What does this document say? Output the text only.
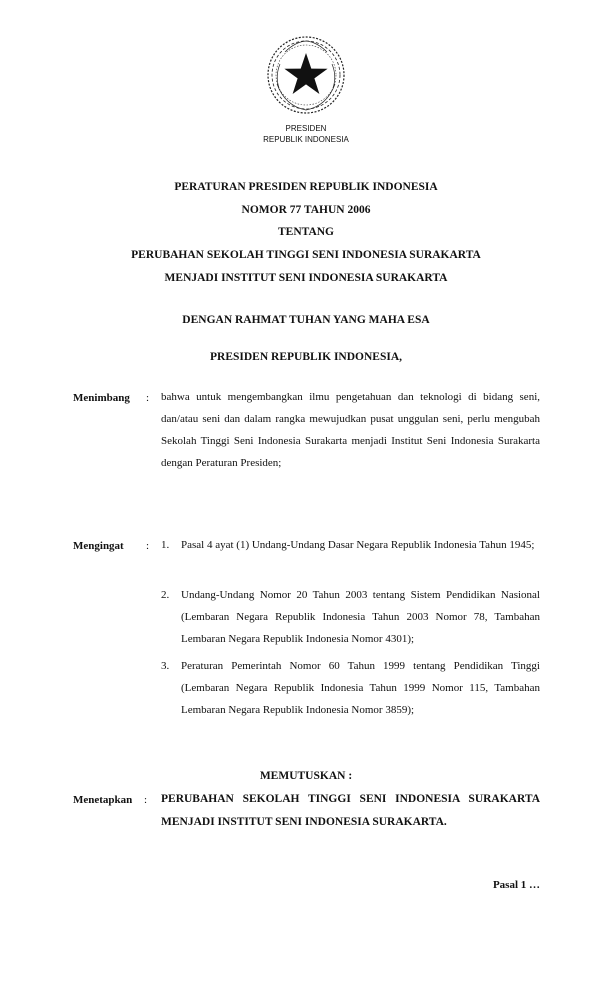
PRESIDEN
REPUBLIK INDONESIA
PERATURAN PRESIDEN REPUBLIK INDONESIA
NOMOR 77 TAHUN 2006
TENTANG
PERUBAHAN SEKOLAH TINGGI SENI INDONESIA SURAKARTA
MENJADI INSTITUT SENI INDONESIA SURAKARTA
DENGAN RAHMAT TUHAN YANG MAHA ESA
PRESIDEN REPUBLIK INDONESIA,
Menimbang : bahwa untuk mengembangkan ilmu pengetahuan dan teknologi di bidang seni, dan/atau seni dan dalam rangka mewujudkan pusat unggulan seni, perlu mengubah Sekolah Tinggi Seni Indonesia Surakarta menjadi Institut Seni Indonesia Surakarta dengan Peraturan Presiden;

Mengingat : 1. Pasal 4 ayat (1) Undang-Undang Dasar Negara Republik Indonesia Tahun 1945;
2. Undang-Undang Nomor 20 Tahun 2003 tentang Sistem Pendidikan Nasional (Lembaran Negara Republik Indonesia Tahun 2003 Nomor 78, Tambahan Lembaran Negara Republik Indonesia Nomor 4301);
3. Peraturan Pemerintah Nomor 60 Tahun 1999 tentang Pendidikan Tinggi (Lembaran Negara Republik Indonesia Tahun 1999 Nomor 115, Tambahan Lembaran Negara Republik Indonesia Nomor 3859);
MEMUTUSKAN :
Menetapkan : PERUBAHAN SEKOLAH TINGGI SENI INDONESIA SURAKARTA MENJADI INSTITUT SENI INDONESIA SURAKARTA.

Pasal 1 …
